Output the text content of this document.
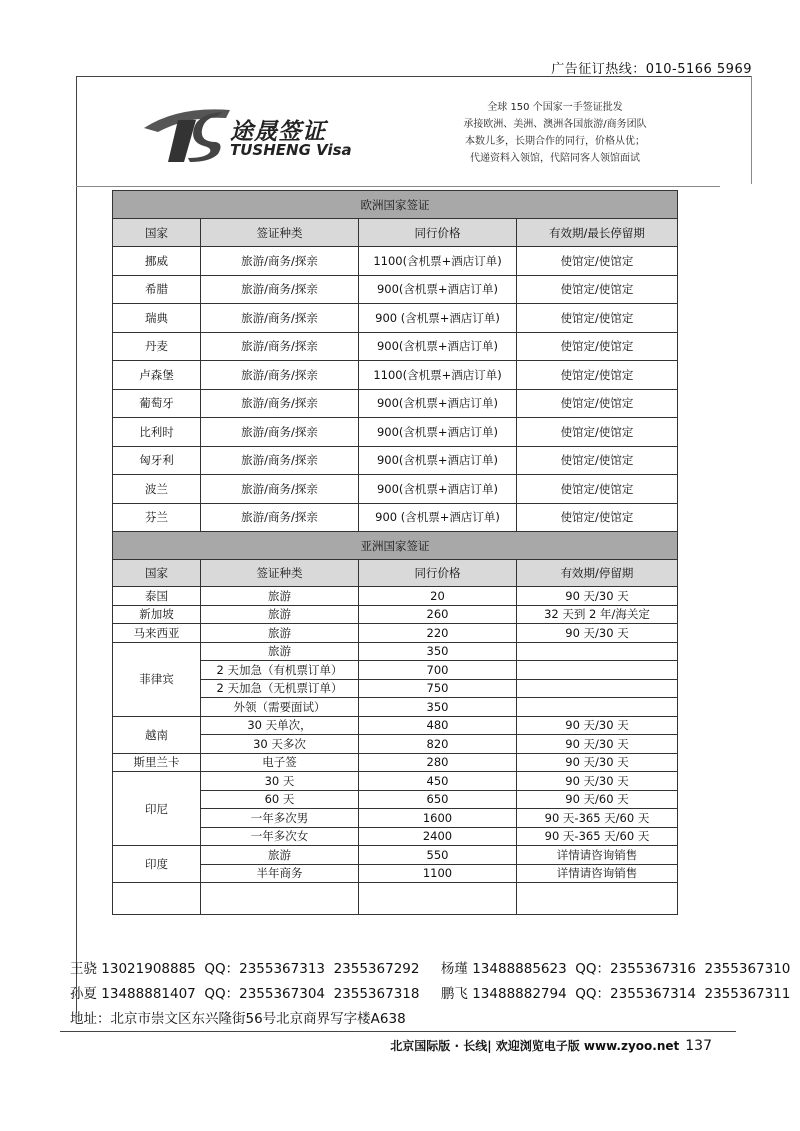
广告征订热线：010-5166 5969
途晟签证
TUSHENG Visa
全球 150 个国家一手签证批发
承接欧洲、美洲、澳洲各国旅游/商务团队
本数儿多，长期合作的同行，价格从优；
代递资料入领馆，代陪同客人领馆面试
欧洲国家签证			
国家	签证种类	同行价格	有效期/最长停留期
挪威	旅游/商务/探亲	1100(含机票+酒店订单)	使馆定/使馆定
希腊	旅游/商务/探亲	900(含机票+酒店订单)	使馆定/使馆定
瑞典	旅游/商务/探亲	900 (含机票+酒店订单)	使馆定/使馆定
丹麦	旅游/商务/探亲	900(含机票+酒店订单)	使馆定/使馆定
卢森堡	旅游/商务/探亲	1100(含机票+酒店订单)	使馆定/使馆定
葡萄牙	旅游/商务/探亲	900(含机票+酒店订单)	使馆定/使馆定
比利时	旅游/商务/探亲	900(含机票+酒店订单)	使馆定/使馆定
匈牙利	旅游/商务/探亲	900(含机票+酒店订单)	使馆定/使馆定
波兰	旅游/商务/探亲	900(含机票+酒店订单)	使馆定/使馆定
芬兰	旅游/商务/探亲	900 (含机票+酒店订单)	使馆定/使馆定
亚洲国家签证			
国家	签证种类	同行价格	有效期/停留期
泰国	旅游	20	90 天/30 天
新加坡	旅游	260	32 天到 2 年/海关定
马来西亚	旅游	220	90 天/30 天
菲律宾	旅游	350	
	2 天加急（有机票订单）	700	
	2 天加急（无机票订单）	750	
	外领（需要面试）	350	
越南	30 天单次，	480	90 天/30 天
	30 天多次	820	90 天/30 天
斯里兰卡	电子签	280	90 天/30 天
印尼	30 天	450	90 天/30 天
	60 天	650	90 天/60 天
	一年多次男	1600	90 天-365 天/60 天
	一年多次女	2400	90 天-365 天/60 天
印度	旅游	550	详情请咨询销售
	半年商务	1100	详情请咨询销售

王骁 13021908885  QQ：2355367313  2355367292     杨瑾 13488885623  QQ：2355367316  2355367310
孙夏 13488881407  QQ：2355367304  2355367318     鹏飞 13488882794  QQ：2355367314  2355367311
地址：北京市崇文区东兴隆街56号北京商界写字楼A638
北京国际版 · 长线| 欢迎浏览电子版 www.zyoo.net 137
